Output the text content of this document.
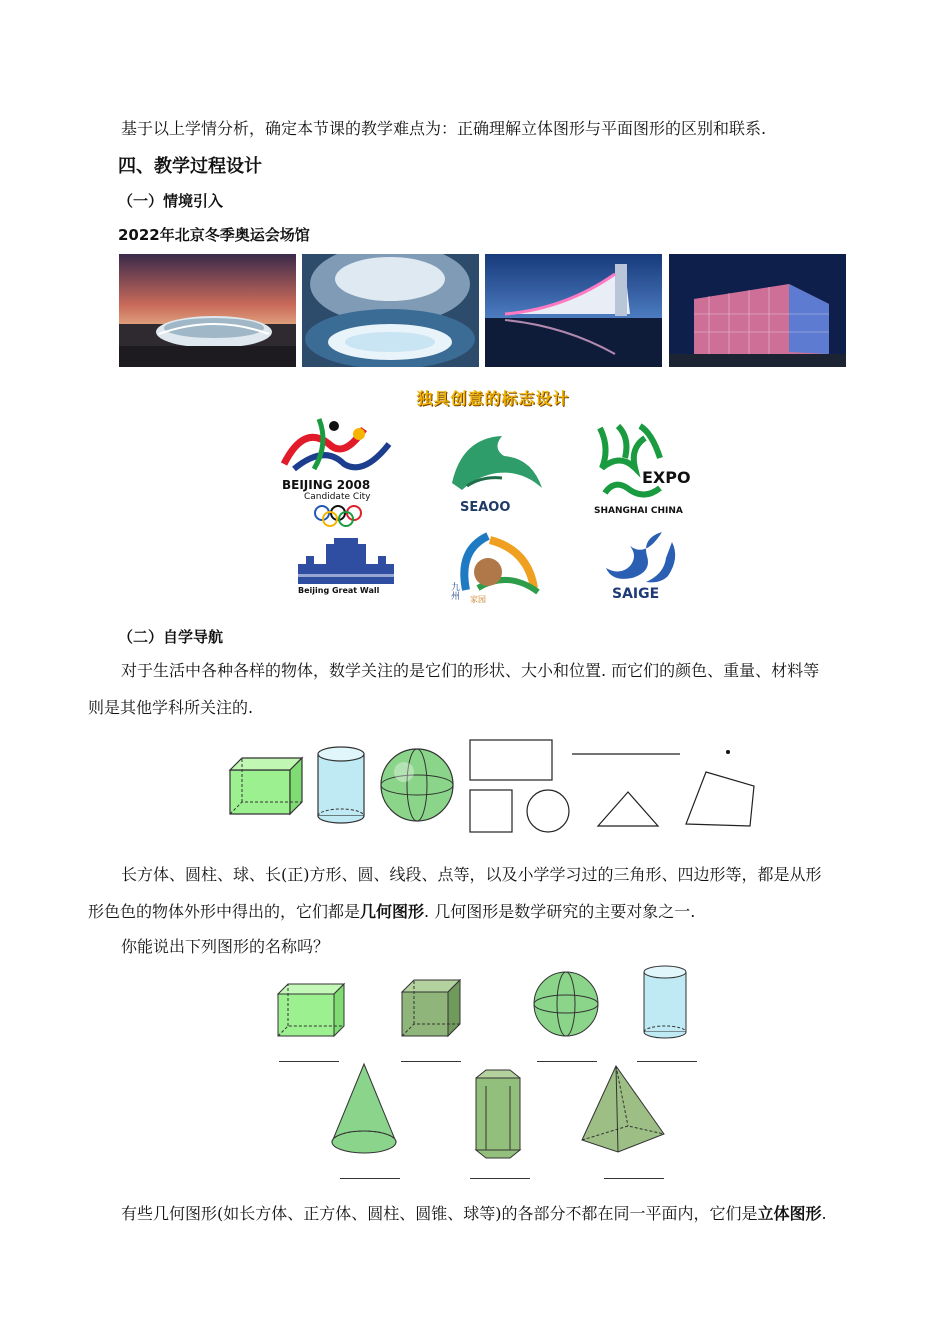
基于以上学情分析，确定本节课的教学难点为：正确理解立体图形与平面图形的区别和联系.
四、教学过程设计
（一）情境引入
2022年北京冬季奥运会场馆
独具创意的标志设计
BEIJING 2008
Candidate City
SEAOO
EXPO
SHANGHAI CHINA
Beijing Great Wall	九州 家园	SAIGE
（二）自学导航
对于生活中各种各样的物体，数学关注的是它们的形状、大小和位置. 而它们的颜色、重量、材料等
则是其他学科所关注的.
长方体、圆柱、球、长(正)方形、圆、线段、点等，以及小学学习过的三角形、四边形等，都是从形
形色色的物体外形中得出的，它们都是几何图形. 几何图形是数学研究的主要对象之一.
你能说出下列图形的名称吗？
有些几何图形(如长方体、正方体、圆柱、圆锥、球等)的各部分不都在同一平面内，它们是立体图形.
